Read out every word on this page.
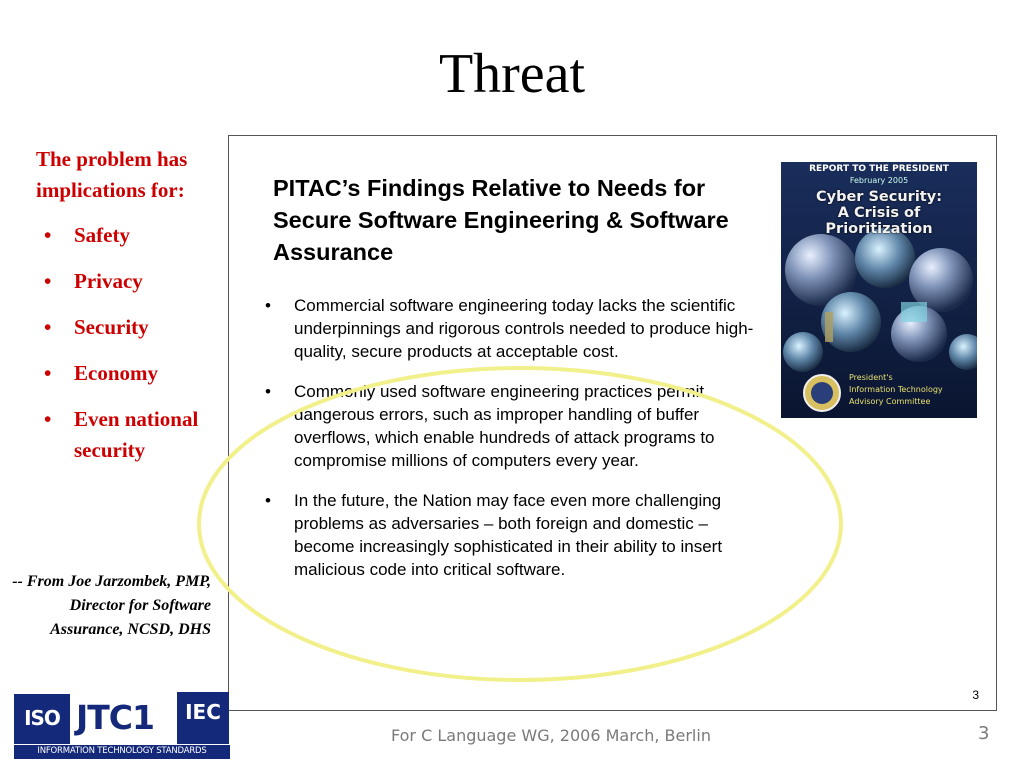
Threat
The problem has implications for:
• Safety
• Privacy
• Security
• Economy
• Even national security
-- From Joe Jarzombek, PMP, Director for Software Assurance, NCSD, DHS
PITAC’s Findings Relative to Needs for Secure Software Engineering & Software Assurance
• Commercial software engineering today lacks the scientific underpinnings and rigorous controls needed to produce high-quality, secure products at acceptable cost.
• Commonly used software engineering practices permit dangerous errors, such as improper handling of buffer overflows, which enable hundreds of attack programs to compromise millions of computers every year.
• In the future, the Nation may face even more challenging problems as adversaries – both foreign and domestic – become increasingly sophisticated in their ability to insert malicious code into critical software.
REPORT TO THE PRESIDENT
February 2005
Cyber Security:
A Crisis of
Prioritization
President's
Information Technology
Advisory Committee
3
ISO JTC1	IEC
INFORMATION TECHNOLOGY STANDARDS
For C Language WG, 2006 March, Berlin	3
